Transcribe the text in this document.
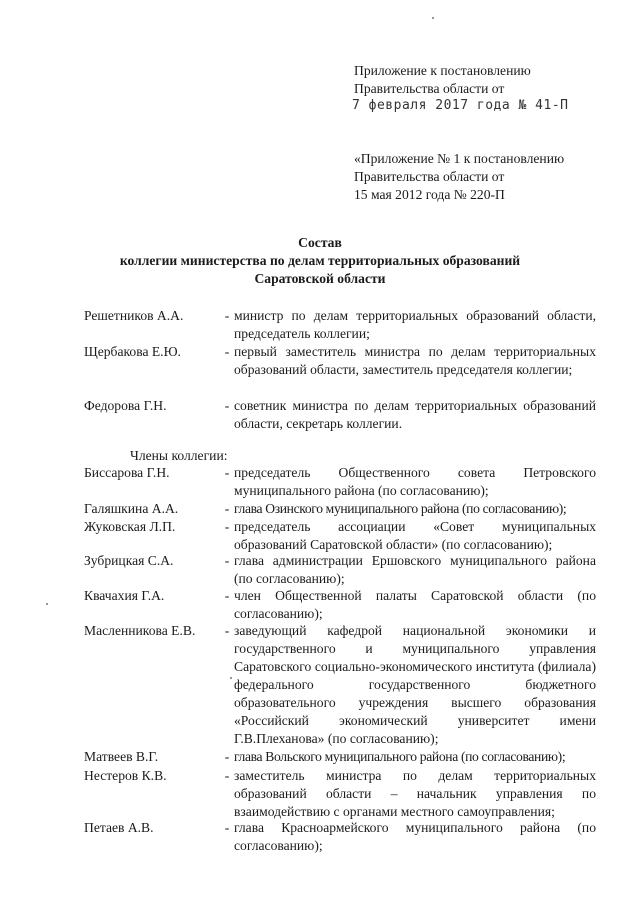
Приложение к постановлению
Правительства области от
7 февраля 2017 года № 41-П
«Приложение № 1 к постановлению
Правительства области от
15 мая 2012 года № 220-П
Состав
коллегии министерства по делам территориальных образований
Саратовской области
Решетников А.А.	- министр по делам территориальных образований области, председатель коллегии;
Щербакова Е.Ю.	- первый заместитель министра по делам территориальных образований области, заместитель председателя коллегии;
Федорова Г.Н.	- советник министра по делам территориальных образований области, секретарь коллегии.
Члены коллегии:
Биссарова Г.Н.	- председатель Общественного совета Петровского муниципального района (по согласованию);
Галяшкина А.А.	- глава Озинского муниципального района (по согласованию);
Жуковская Л.П.	- председатель ассоциации «Совет муниципальных образований Саратовской области» (по согласованию);
Зубрицкая С.А.	- глава администрации Ершовского муниципального района (по согласованию);
Квачахия Г.А.	- член Общественной палаты Саратовской области (по согласованию);
Масленникова Е.В.	- заведующий кафедрой национальной экономики и государственного и муниципального управления Саратовского социально-экономического института (филиала) федерального государственного бюджетного образовательного учреждения высшего образования «Российский экономический университет имени Г.В.Плеханова» (по согласованию);
Матвеев В.Г.	- глава Вольского муниципального района (по согласованию);
Нестеров К.В.	- заместитель министра по делам территориальных образований области – начальник управления по взаимодействию с органами местного самоуправления;
Петаев А.В.	- глава Красноармейского муниципального района (по согласованию);
